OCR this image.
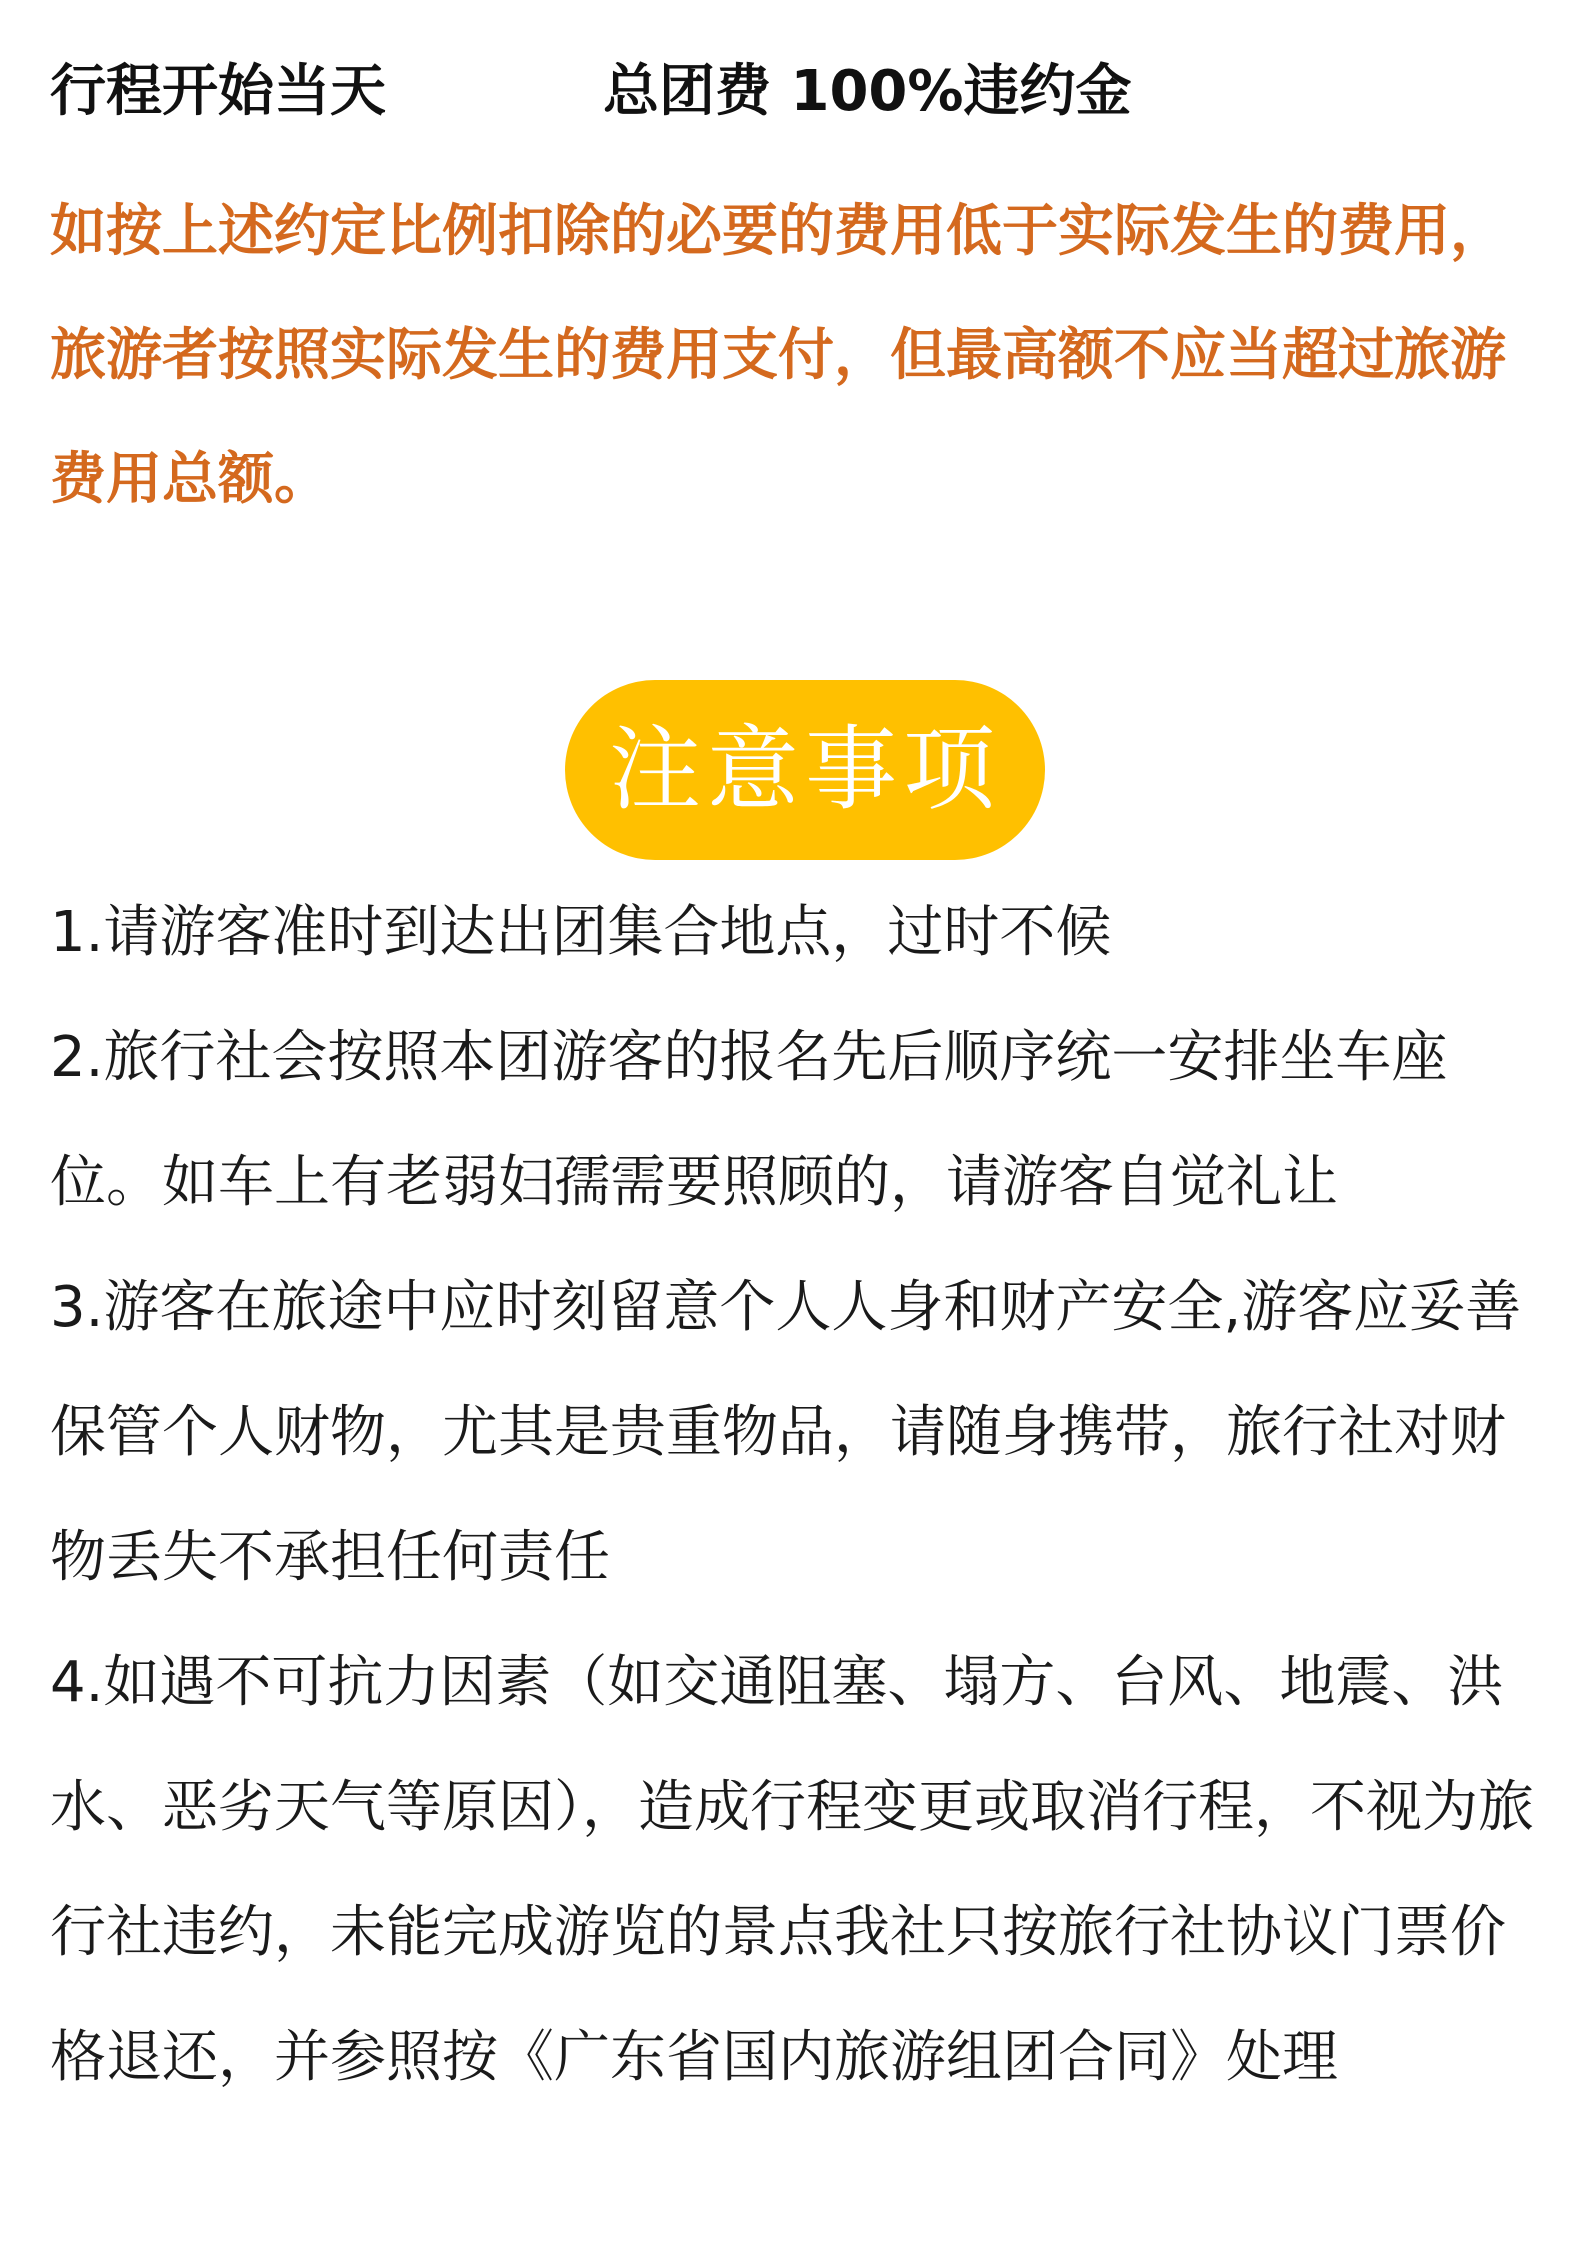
行程开始当天	总团费 100%违约金

如按上述约定比例扣除的必要的费用低于实际发生的费用，旅游者按照实际发生的费用支付，但最高额不应当超过旅游费用总额。

注意事项
1.请游客准时到达出团集合地点，过时不候
2.旅行社会按照本团游客的报名先后顺序统一安排坐车座位。如车上有老弱妇孺需要照顾的，请游客自觉礼让
3.游客在旅途中应时刻留意个人人身和财产安全,游客应妥善保管个人财物，尤其是贵重物品，请随身携带，旅行社对财物丢失不承担任何责任
4.如遇不可抗力因素（如交通阻塞、塌方、台风、地震、洪水、恶劣天气等原因），造成行程变更或取消行程，不视为旅行社违约，未能完成游览的景点我社只按旅行社协议门票价格退还，并参照按《广东省国内旅游组团合同》处理
